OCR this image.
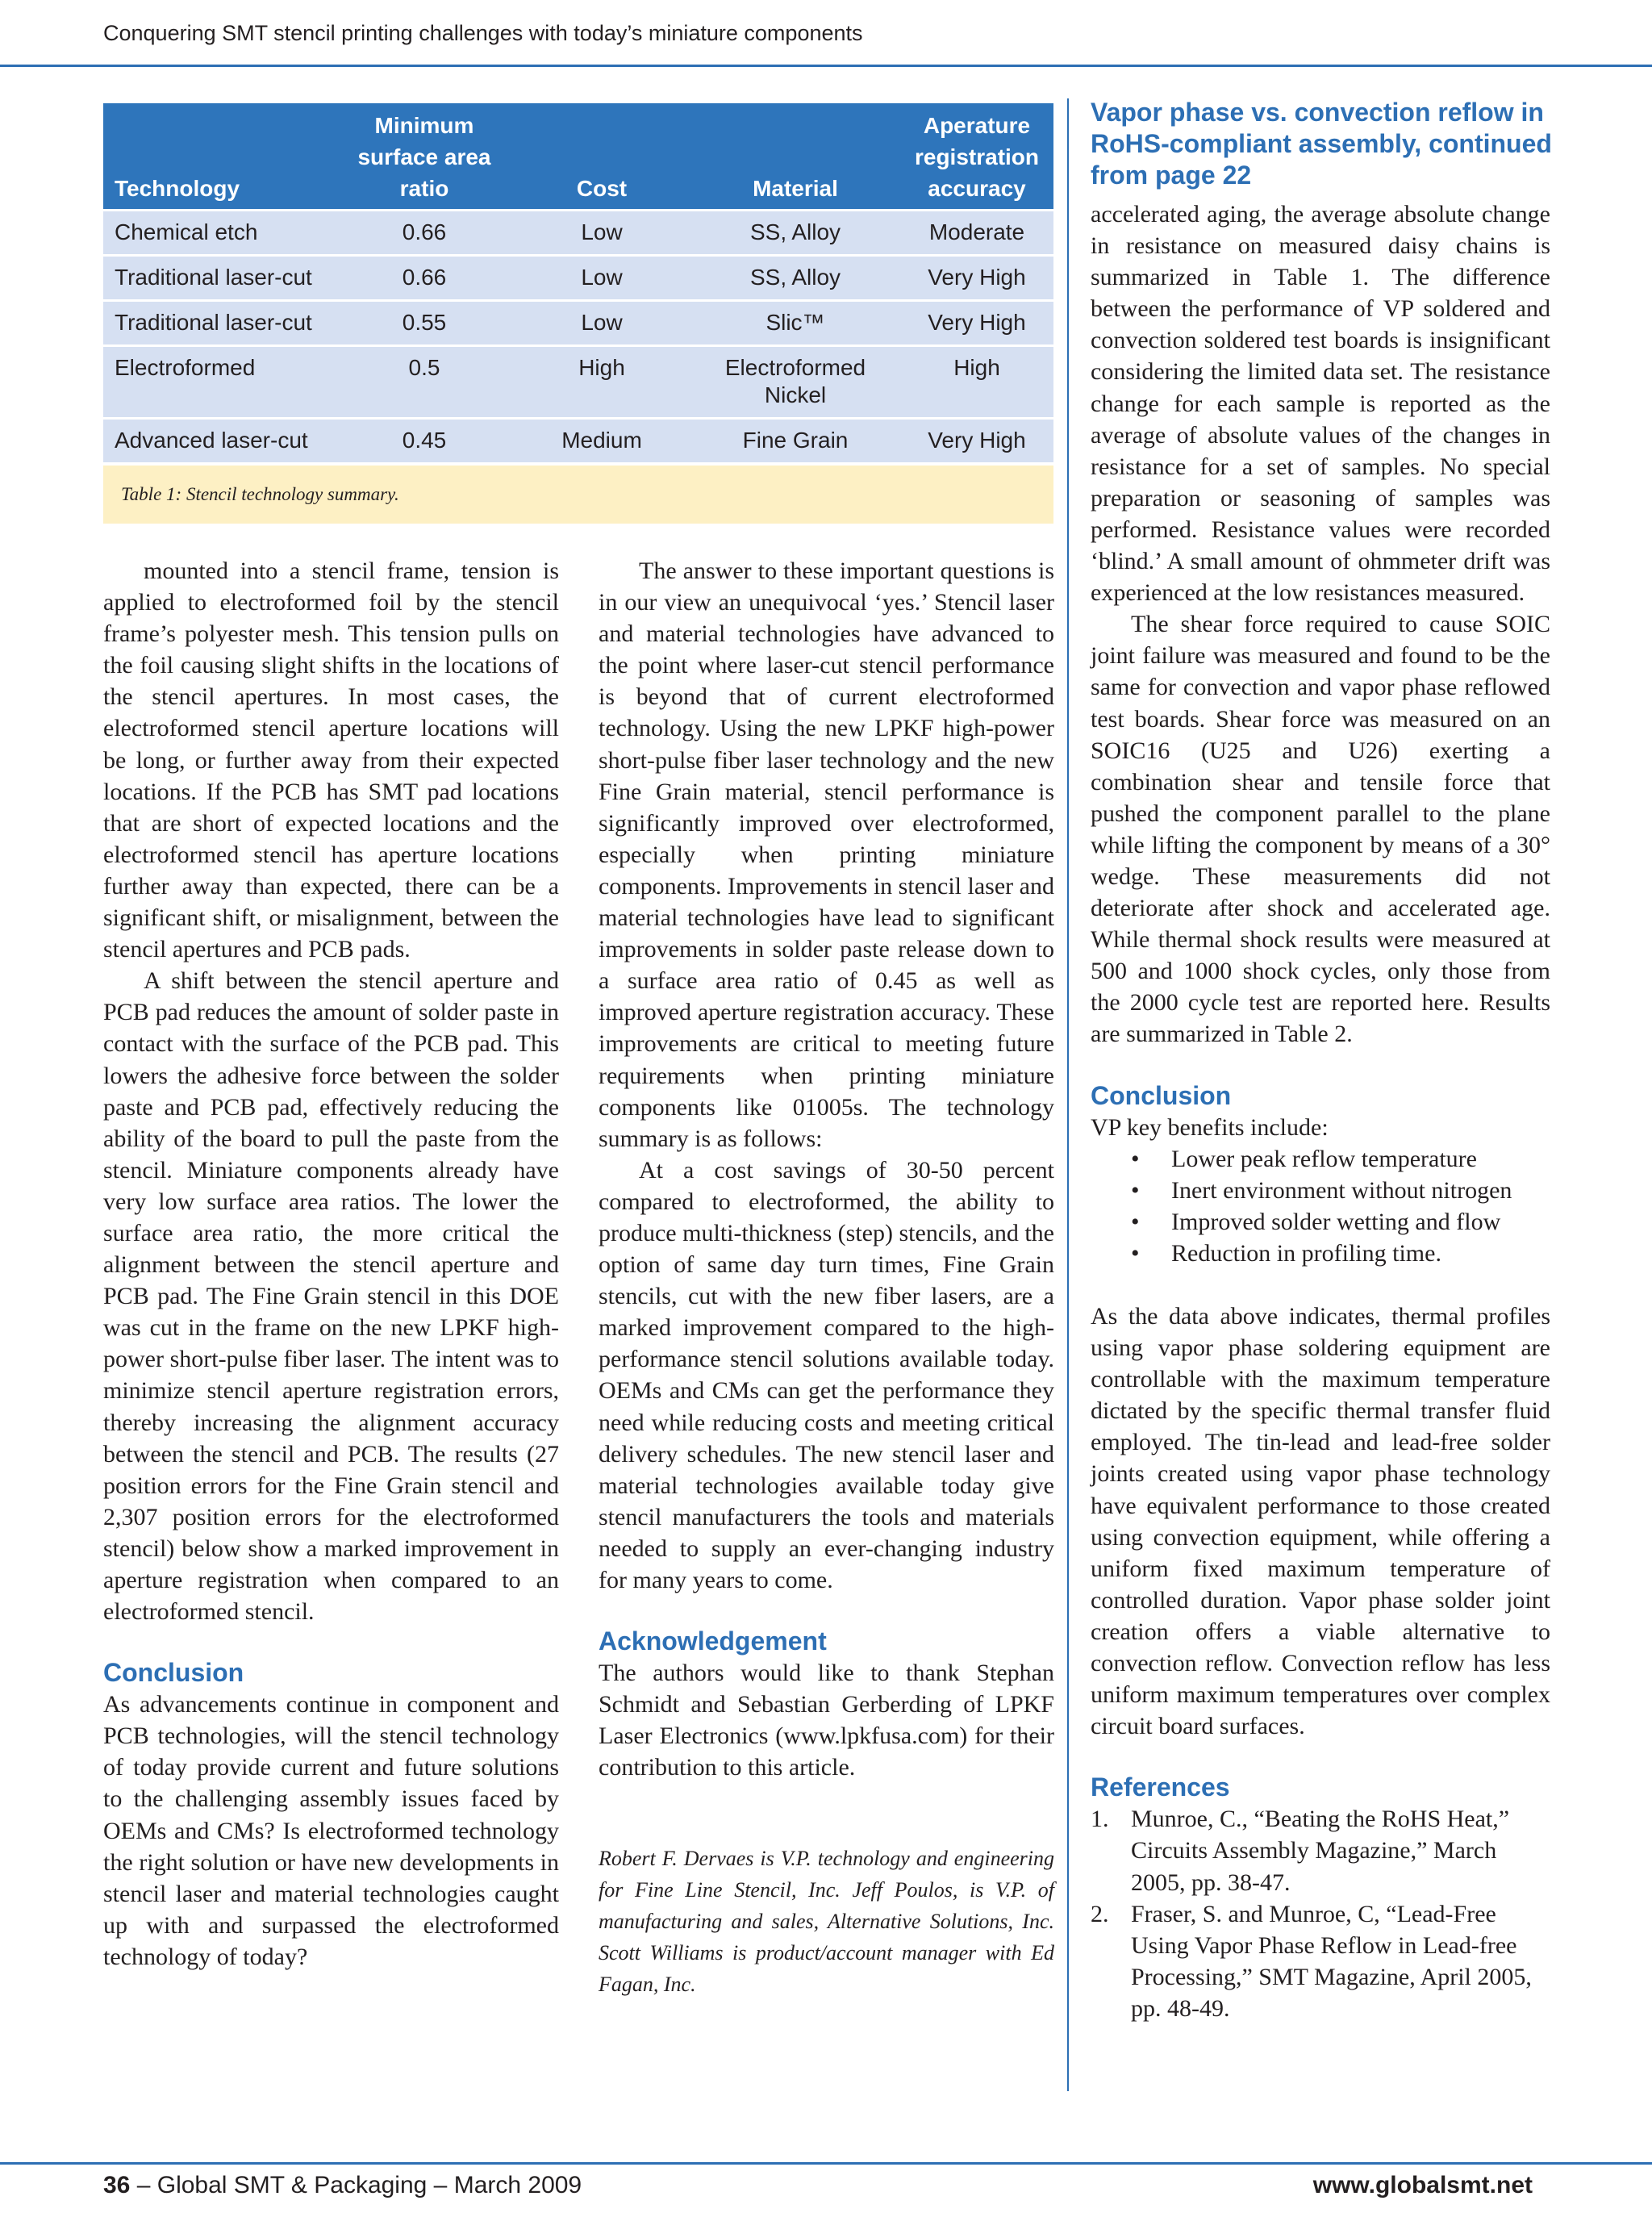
Conquering SMT stencil printing challenges with today’s miniature components
Technology	Minimum surface area ratio	Cost	Material	Aperature registration accuracy
Chemical etch	0.66	Low	SS, Alloy	Moderate
Traditional laser-cut	0.66	Low	SS, Alloy	Very High
Traditional laser-cut	0.55	Low	Slic™	Very High
Electroformed	0.5	High	Electroformed Nickel	High
Advanced laser-cut	0.45	Medium	Fine Grain	Very High
Table 1: Stencil technology summary.

mounted into a stencil frame, tension is applied to electroformed foil by the stencil frame’s polyester mesh. This tension pulls on the foil causing slight shifts in the locations of the stencil apertures. In most cases, the electroformed stencil aperture locations will be long, or further away from their expected locations. If the PCB has SMT pad locations that are short of expected locations and the electroformed stencil has aperture locations further away than expected, there can be a significant shift, or misalignment, between the stencil apertures and PCB pads.

A shift between the stencil aperture and PCB pad reduces the amount of solder paste in contact with the surface of the PCB pad. This lowers the adhesive force between the solder paste and PCB pad, effectively reducing the ability of the board to pull the paste from the stencil. Miniature components already have very low surface area ratios. The lower the surface area ratio, the more critical the alignment between the stencil aperture and PCB pad. The Fine Grain stencil in this DOE was cut in the frame on the new LPKF high-power short-pulse fiber laser. The intent was to minimize stencil aperture registration errors, thereby increasing the alignment accuracy between the stencil and PCB. The results (27 position errors for the Fine Grain stencil and 2,307 position errors for the electroformed stencil) below show a marked improvement in aperture registration when compared to an electroformed stencil.

Conclusion

As advancements continue in component and PCB technologies, will the stencil technology of today provide current and future solutions to the challenging assembly issues faced by OEMs and CMs? Is electroformed technology the right solution or have new developments in stencil laser and material technologies caught up with and surpassed the electroformed technology of today?

The answer to these important questions is in our view an unequivocal ‘yes.’ Stencil laser and material technologies have advanced to the point where laser-cut stencil performance is beyond that of current electroformed technology. Using the new LPKF high-power short-pulse fiber laser technology and the new Fine Grain material, stencil performance is significantly improved over electroformed, especially when printing miniature components. Improvements in stencil laser and material technologies have lead to significant improvements in solder paste release down to a surface area ratio of 0.45 as well as improved aperture registration accuracy. These improvements are critical to meeting future requirements when printing miniature components like 01005s. The technology summary is as follows:

At a cost savings of 30-50 percent compared to electroformed, the ability to produce multi-thickness (step) stencils, and the option of same day turn times, Fine Grain stencils, cut with the new fiber lasers, are a marked improvement compared to the high-performance stencil solutions available today. OEMs and CMs can get the performance they need while reducing costs and meeting critical delivery schedules. The new stencil laser and material technologies available today give stencil manufacturers the tools and materials needed to supply an ever-changing industry for many years to come.

Acknowledgement

The authors would like to thank Stephan Schmidt and Sebastian Gerberding of LPKF Laser Electronics (www.lpkfusa.com) for their contribution to this article.

Robert F. Dervaes is V.P. technology and engineering for Fine Line Stencil, Inc. Jeff Poulos, is V.P. of manufacturing and sales, Alternative Solutions, Inc. Scott Williams is product/account manager with Ed Fagan, Inc.

Vapor phase vs. convection reflow in RoHS-compliant assembly, continued from page 22

accelerated aging, the average absolute change in resistance on measured daisy chains is summarized in Table 1. The difference between the performance of VP soldered and convection soldered test boards is insignificant considering the limited data set. The resistance change for each sample is reported as the average of absolute values of the changes in resistance for a set of samples. No special preparation or seasoning of samples was performed. Resistance values were recorded ‘blind.’ A small amount of ohmmeter drift was experienced at the low resistances measured.

The shear force required to cause SOIC joint failure was measured and found to be the same for convection and vapor phase reflowed test boards. Shear force was measured on an SOIC16 (U25 and U26) exerting a combination shear and tensile force that pushed the component parallel to the plane while lifting the component by means of a 30° wedge. These measurements did not deteriorate after shock and accelerated age. While thermal shock results were measured at 500 and 1000 shock cycles, only those from the 2000 cycle test are reported here. Results are summarized in Table 2.

Conclusion

VP key benefits include:

• Lower peak reflow temperature
• Inert environment without nitrogen
• Improved solder wetting and flow
• Reduction in profiling time.

As the data above indicates, thermal profiles using vapor phase soldering equipment are controllable with the maximum temperature dictated by the specific thermal transfer fluid employed. The tin-lead and lead-free solder joints created using vapor phase technology have equivalent performance to those created using convection equipment, while offering a uniform fixed maximum temperature of controlled duration. Vapor phase solder joint creation offers a viable alternative to convection reflow. Convection reflow has less uniform maximum temperatures over complex circuit board surfaces.

References
1. Munroe, C., “Beating the RoHS Heat,” Circuits Assembly Magazine,” March 2005, pp. 38-47.
2. Fraser, S. and Munroe, C, “Lead-Free Using Vapor Phase Reflow in Lead-free Processing,” SMT Magazine, April 2005, pp. 48-49.
36 – Global SMT & Packaging – March 2009	www.globalsmt.net
